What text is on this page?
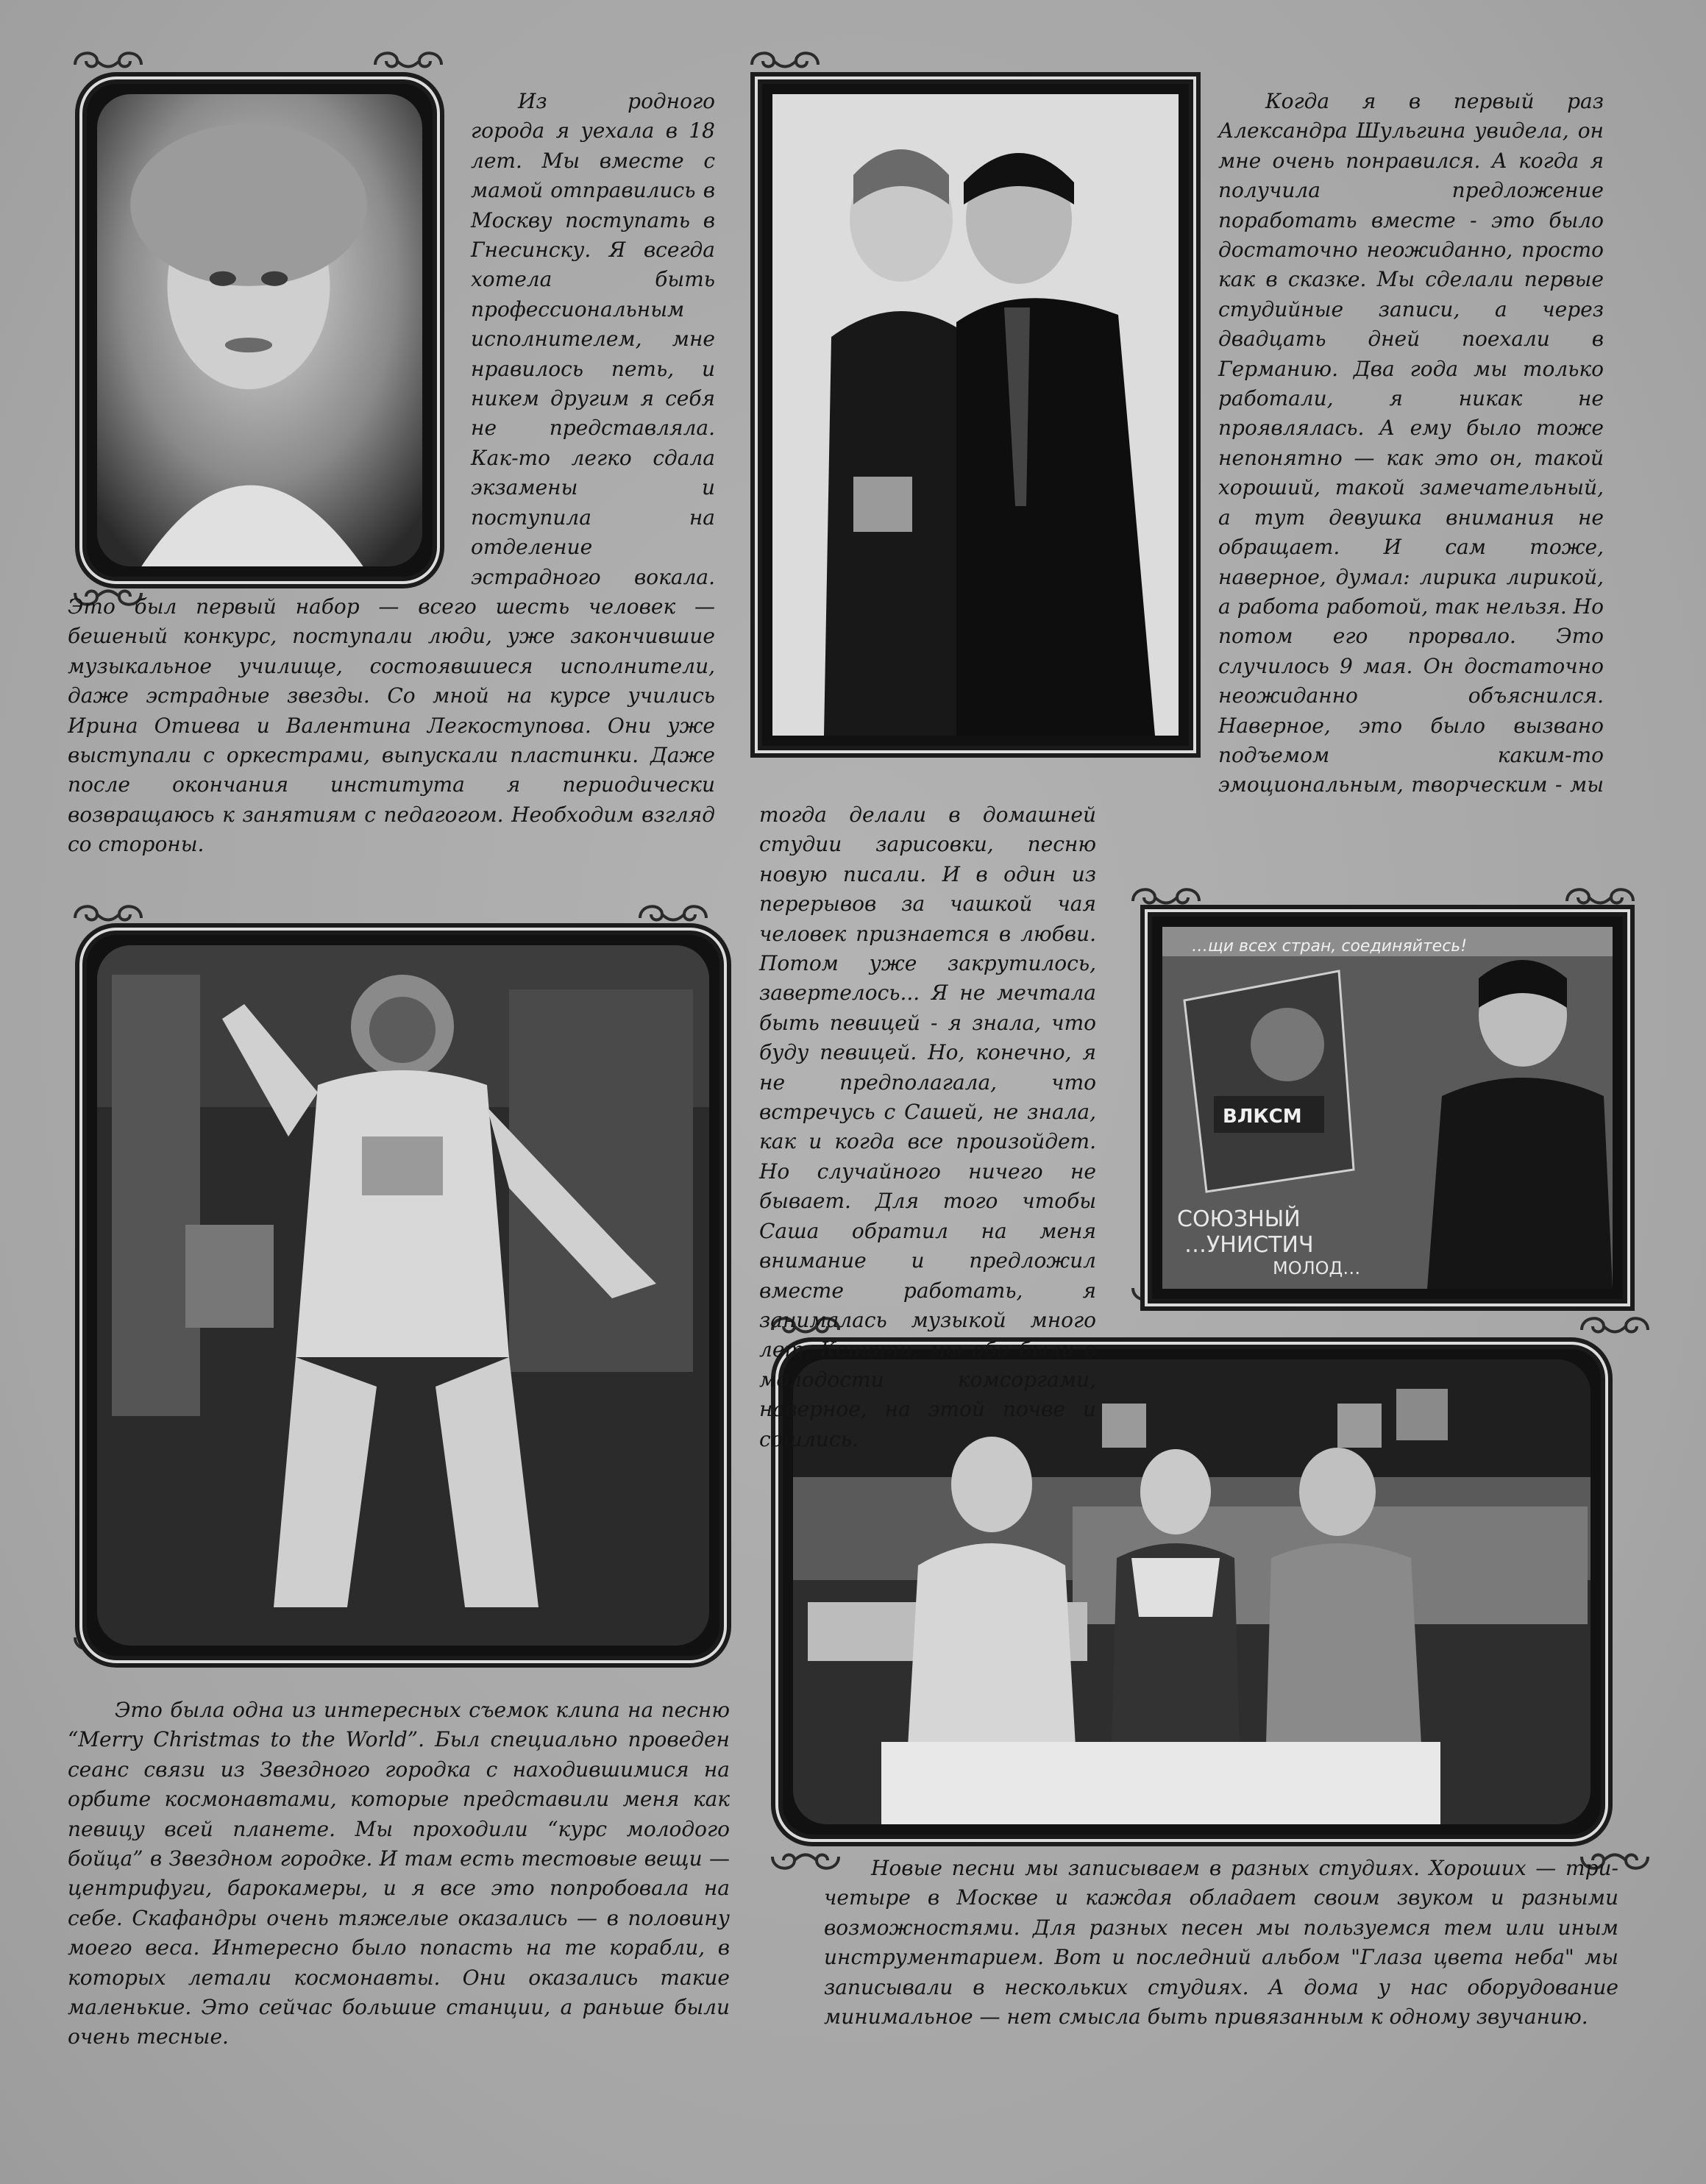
…щи всех стран, соединяйтесь!
ВЛКСМ
СОЮЗНЫЙ
…УНИСТИЧ
МОЛОД…

Из родного города я уехала в 18 лет. Мы вместе с мамой отправились в Москву поступать в Гнесинску. Я всегда хотела быть профессиональным исполнителем, мне нравилось петь, и никем другим я себя не представляла. Как-то легко сдала экзамены и поступила на отделение эстрадного вокала. Это был первый набор — всего шесть человек — бешеный конкурс, поступали люди, уже закончившие музыкальное училище, состоявшиеся исполнители, даже эстрадные звезды. Со мной на курсе учились Ирина Отиева и Валентина Легкоступова. Они уже выступали с оркестрами, выпускали пластинки. Даже после окончания института я периодически возвращаюсь к занятиям с педагогом. Необходим взгляд со стороны.

Когда я в первый раз Александра Шульгина увидела, он мне очень понравился. А когда я получила предложение поработать вместе - это было достаточно неожиданно, просто как в сказке. Мы сделали первые студийные записи, а через двадцать дней поехали в Германию. Два года мы только работали, я никак не проявлялась. А ему было тоже непонятно — как это он, такой хороший, такой замечательный, а тут девушка внимания не обращает. И сам тоже, наверное, думал: лирика лирикой, а работа работой, так нельзя. Но потом его прорвало. Это случилось 9 мая. Он достаточно неожиданно объяснился. Наверное, это было вызвано подъемом каким-то эмоциональным, творческим - мы тогда делали в домашней студии зарисовки, песню новую писали. И в один из перерывов за чашкой чая человек признается в любви. Потом уже закрутилось, завертелось... Я не мечтала быть певицей - я знала, что буду певицей. Но, конечно, я не предполагала, что встречусь с Сашей, не знала, как и когда все произойдет. Но случайного ничего не бывает. Для того чтобы Саша обратил на меня внимание и предложил вместе работать, я занималась музыкой много лет. Кстати, мы оба были в молодости комсоргами, наверное, на этой почве и сошлись.

Это была одна из интересных съемок клипа на песню “Merry Christmas to the World”. Был специально проведен сеанс связи из Звездного городка с находившимися на орбите космонавтами, которые представили меня как певицу всей планете. Мы проходили “курс молодого бойца” в Звездном городке. И там есть тестовые вещи — центрифуги, барокамеры, и я все это попробовала на себе. Скафандры очень тяжелые оказались — в половину моего веса. Интересно было попасть на те корабли, в которых летали космонавты. Они оказались такие маленькие. Это сейчас большие станции, а раньше были очень тесные.

Новые песни мы записываем в разных студиях. Хороших — три-четыре в Москве и каждая обладает своим звуком и разными возможностями. Для разных песен мы пользуемся тем или иным инструментарием. Вот и последний альбом "Глаза цвета неба" мы записывали в нескольких студиях. А дома у нас оборудование минимальное — нет смысла быть привязанным к одному звучанию.
